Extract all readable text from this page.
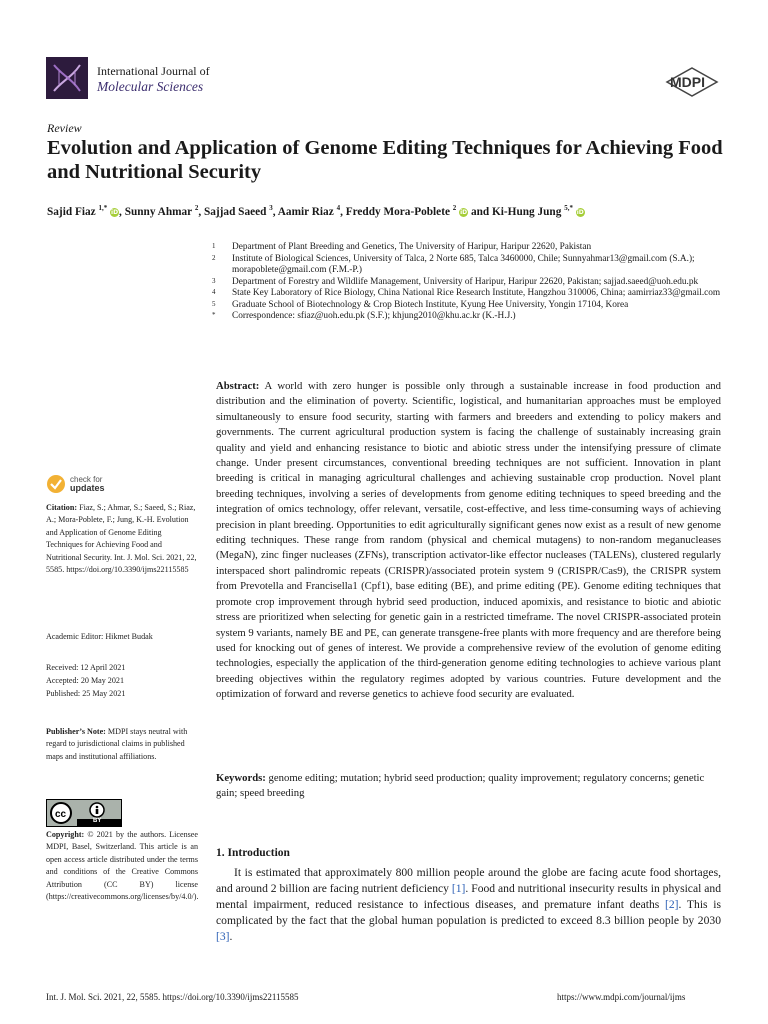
International Journal of
Molecular Sciences	MDPI
Review
Evolution and Application of Genome Editing Techniques for Achieving Food and Nutritional Security
Sajid Fiaz $^{1,*}$ iD, Sunny Ahmar $^2$, Sajjad Saeed $^3$, Aamir Riaz $^4$, Freddy Mora-Poblete $^2$ iD and Ki-Hung Jung $^{5,*}$ iD
1	Department of Plant Breeding and Genetics, The University of Haripur, Haripur 22620, Pakistan
2	Institute of Biological Sciences, University of Talca, 2 Norte 685, Talca 3460000, Chile; Sunnyahmar13@gmail.com (S.A.); morapoblete@gmail.com (F.M.-P.)
3	Department of Forestry and Wildlife Management, University of Haripur, Haripur 22620, Pakistan; sajjad.saeed@uoh.edu.pk
4	State Key Laboratory of Rice Biology, China National Rice Research Institute, Hangzhou 310006, China; aamirriaz33@gmail.com
5	Graduate School of Biotechnology & Crop Biotech Institute, Kyung Hee University, Yongin 17104, Korea
*	Correspondence: sfiaz@uoh.edu.pk (S.F.); khjung2010@khu.ac.kr (K.-H.J.)
Abstract: A world with zero hunger is possible only through a sustainable increase in food production and distribution and the elimination of poverty. Scientific, logistical, and humanitarian approaches must be employed simultaneously to ensure food security, starting with farmers and breeders and extending to policy makers and governments. The current agricultural production system is facing the challenge of sustainably increasing grain quality and yield and enhancing resistance to biotic and abiotic stress under the intensifying pressure of climate change. Under present circumstances, conventional breeding techniques are not sufficient. Innovation in plant breeding is critical in managing agricultural challenges and achieving sustainable crop production. Novel plant breeding techniques, involving a series of developments from genome editing techniques to speed breeding and the integration of omics technology, offer relevant, versatile, cost-effective, and less time-consuming ways of achieving precision in plant breeding. Opportunities to edit agriculturally significant genes now exist as a result of new genome editing techniques. These range from random (physical and chemical mutagens) to non-random meganucleases (MegaN), zinc finger nucleases (ZFNs), transcription activator-like effector nucleases (TALENs), clustered regularly interspaced short palindromic repeats (CRISPR)/associated protein system 9 (CRISPR/Cas9), the CRISPR system from Prevotella and Francisella1 (Cpf1), base editing (BE), and prime editing (PE). Genome editing techniques that promote crop improvement through hybrid seed production, induced apomixis, and resistance to biotic and abiotic stress are prioritized when selecting for genetic gain in a restricted timeframe. The novel CRISPR-associated protein system 9 variants, namely BE and PE, can generate transgene-free plants with more frequency and are therefore being used for knocking out of genes of interest. We provide a comprehensive review of the evolution of genome editing technologies, especially the application of the third-generation genome editing technologies to achieve various plant breeding objectives within the regulatory regimes adopted by various countries. Future development and the optimization of forward and reverse genetics to achieve food security are evaluated.
Keywords: genome editing; mutation; hybrid seed production; quality improvement; regulatory concerns; genetic gain; speed breeding
check for
updates
Citation: Fiaz, S.; Ahmar, S.; Saeed, S.; Riaz, A.; Mora-Poblete, F.; Jung, K.-H. Evolution and Application of Genome Editing Techniques for Achieving Food and Nutritional Security. Int. J. Mol. Sci. 2021, 22, 5585. https://doi.org/10.3390/ijms22115585
Academic Editor: Hikmet Budak
Received: 12 April 2021
Accepted: 20 May 2021
Published: 25 May 2021
Publisher’s Note: MDPI stays neutral with regard to jurisdictional claims in published maps and institutional affiliations.
cc
BY
Copyright: © 2021 by the authors. Licensee MDPI, Basel, Switzerland. This article is an open access article distributed under the terms and conditions of the Creative Commons Attribution (CC BY) license (https://creativecommons.org/licenses/by/4.0/).
1. Introduction

It is estimated that approximately 800 million people around the globe are facing acute food shortages, and around 2 billion are facing nutrient deficiency [1]. Food and nutritional insecurity results in physical and mental impairment, reduced resistance to infectious diseases, and premature infant deaths [2]. This is complicated by the fact that the global human population is predicted to exceed 8.3 billion people by 2030 [3].

Int. J. Mol. Sci. 2021, 22, 5585. https://doi.org/10.3390/ijms22115585	https://www.mdpi.com/journal/ijms
